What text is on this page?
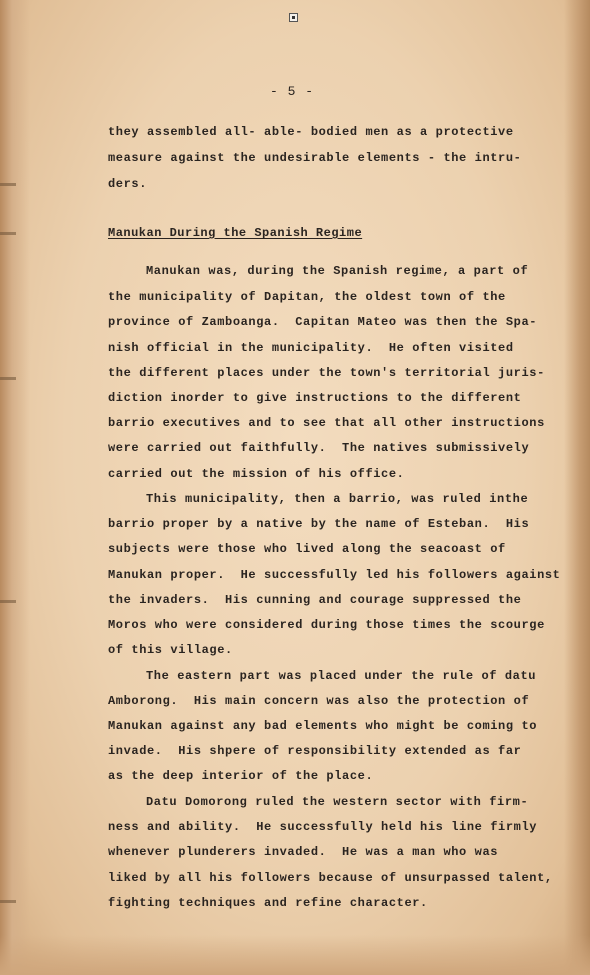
- 5 -
they assembled all- able- bodied men as a protective
measure against the undesirable elements - the intru-
ders.
Manukan During the Spanish Regime
Manukan was, during the Spanish regime, a part of
the municipality of Dapitan, the oldest town of the
province of Zamboanga.  Capitan Mateo was then the Spa-
nish official in the municipality.  He often visited
the different places under the town's territorial juris-
diction inorder to give instructions to the different
barrio executives and to see that all other instructions
were carried out faithfully.  The natives submissively
carried out the mission of his office.
This municipality, then a barrio, was ruled inthe
barrio proper by a native by the name of Esteban.  His
subjects were those who lived along the seacoast of
Manukan proper.  He successfully led his followers against
the invaders.  His cunning and courage suppressed the
Moros who were considered during those times the scourge
of this village.
The eastern part was placed under the rule of datu
Amborong.  His main concern was also the protection of
Manukan against any bad elements who might be coming to
invade.  His shpere of responsibility extended as far
as the deep interior of the place.
Datu Domorong ruled the western sector with firm-
ness and ability.  He successfully held his line firmly
whenever plunderers invaded.  He was a man who was
liked by all his followers because of unsurpassed talent,
fighting techniques and refine character.
